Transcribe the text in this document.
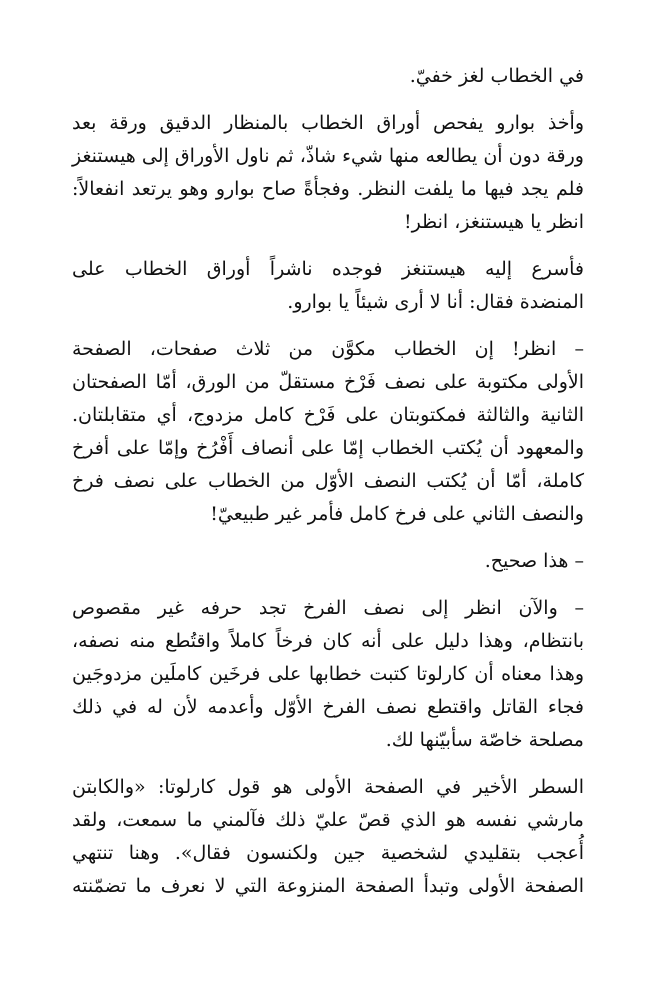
في الخطاب لغز خفيّ.
وأخذ بوارو يفحص أوراق الخطاب بالمنظار الدقيق ورقة بعد
ورقة دون أن يطالعه منها شيء شاذّ، ثم ناول الأوراق إلى هيستنغز
فلم يجد فيها ما يلفت النظر. وفجأةً صاح بوارو وهو يرتعد انفعالاً:
انظر يا هيستنغز، انظر!
فأسرع إليه هيستنغز فوجده ناشراً أوراق الخطاب على
المنضدة فقال: أنا لا أرى شيئاً يا بوارو.
– انظر! إن الخطاب مكوَّن من ثلاث صفحات، الصفحة
الأولى مكتوبة على نصف فَرْخ مستقلّ من الورق، أمّا الصفحتان
الثانية والثالثة فمكتوبتان على فَرْخ كامل مزدوج، أي متقابلتان.
والمعهود أن يُكتب الخطاب إمّا على أنصاف أَفْرُخ وإمّا على أفرخ
كاملة، أمّا أن يُكتب النصف الأوّل من الخطاب على نصف فرخ
والنصف الثاني على فرخ كامل فأمر غير طبيعيّ!
– هذا صحيح.
– والآن انظر إلى نصف الفرخ تجد حرفه غير مقصوص
بانتظام، وهذا دليل على أنه كان فرخاً كاملاً واقتُطع منه نصفه،
وهذا معناه أن كارلوتا كتبت خطابها على فرخَين كاملَين مزدوجَين
فجاء القاتل واقتطع نصف الفرخ الأوّل وأعدمه لأن له في ذلك
مصلحة خاصّة سأبيّنها لك.
السطر الأخير في الصفحة الأولى هو قول كارلوتا: «والكابتن
مارشي نفسه هو الذي قصّ عليّ ذلك فآلمني ما سمعت، ولقد
أُعجب بتقليدي لشخصية جين ولكنسون فقال». وهنا تنتهي
الصفحة الأولى وتبدأ الصفحة المنزوعة التي لا نعرف ما تضمّنته
